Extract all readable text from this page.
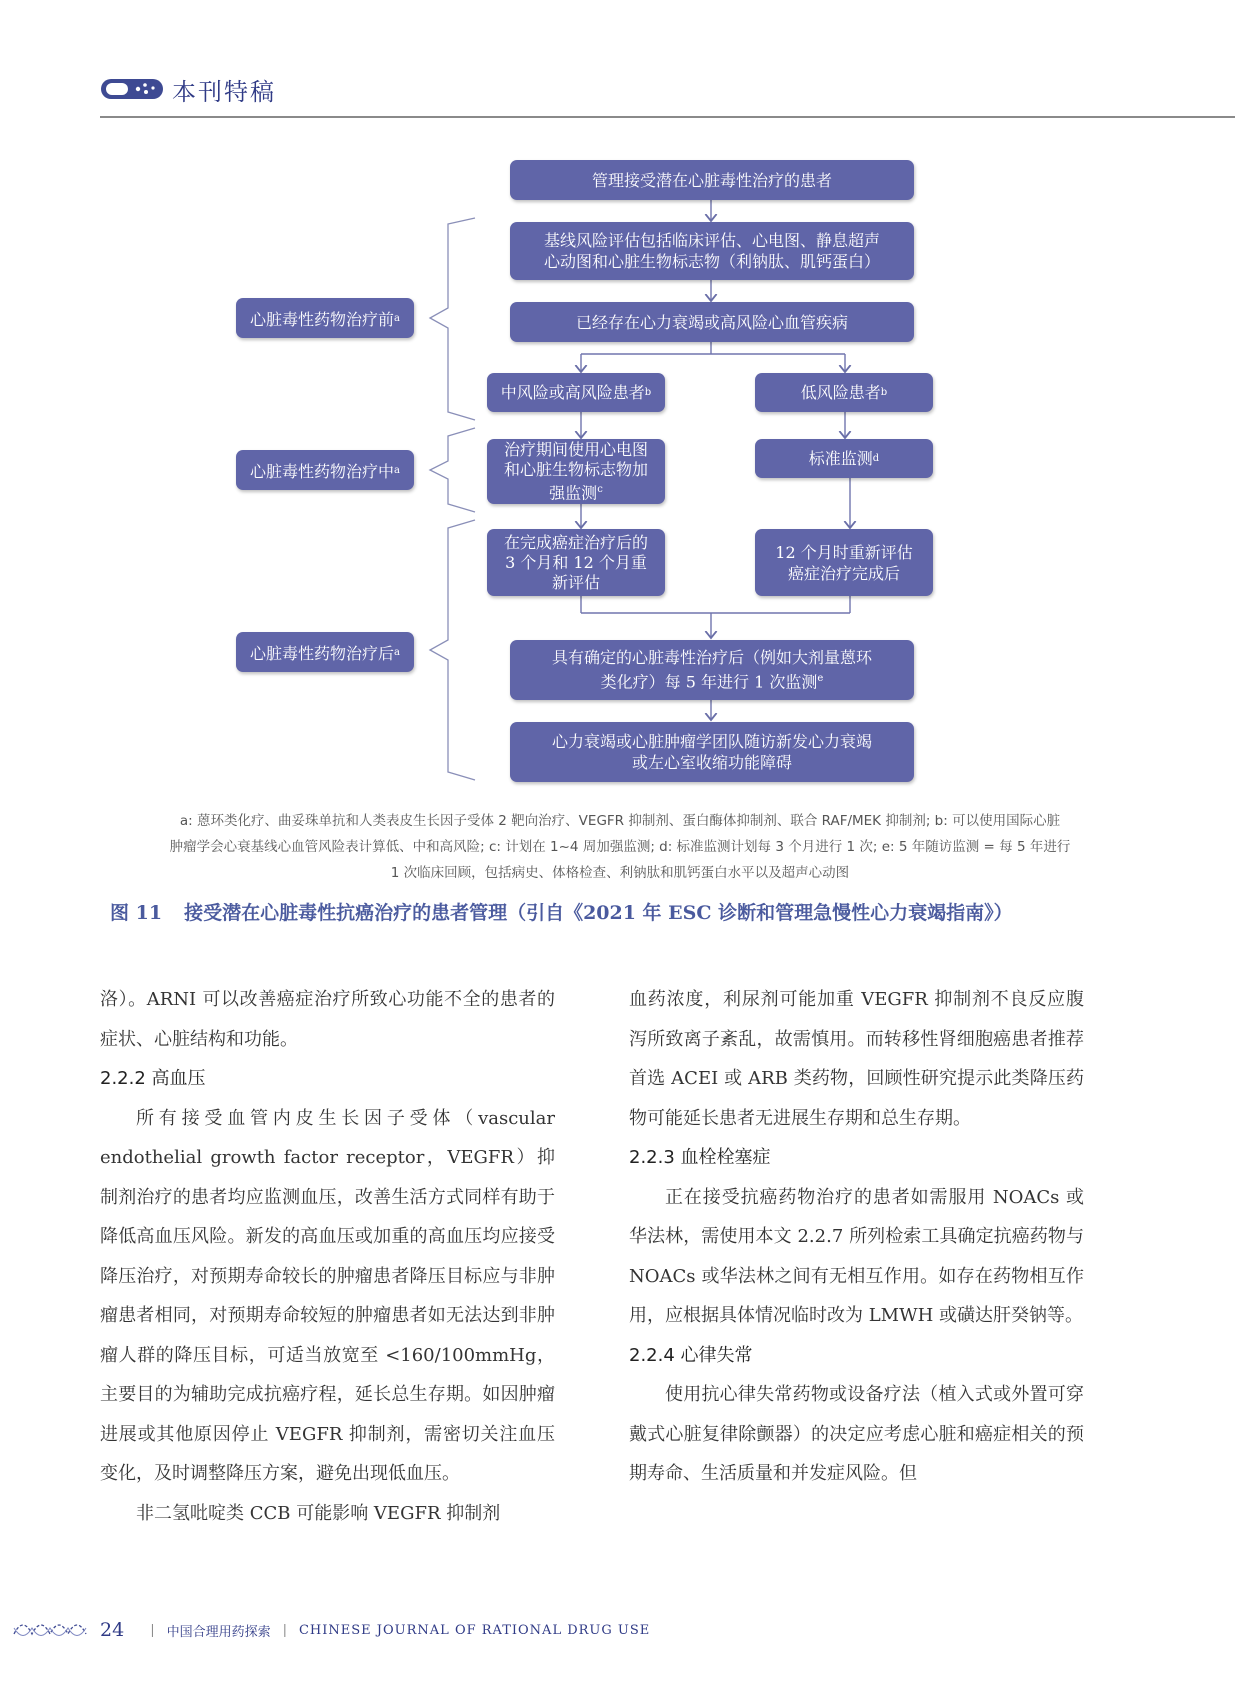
本刊特稿
心脏毒性药物治疗前 a
心脏毒性药物治疗中 a
心脏毒性药物治疗后 a
管理接受潜在心脏毒性治疗的患者
基线风险评估包括临床评估、心电图、静息超声
心动图和心脏生物标志物（利钠肽、肌钙蛋白）
已经存在心力衰竭或高风险心血管疾病
中风险或高风险患者 b	低风险患者 b
治疗期间使用心电图
和心脏生物标志物加
强监测$^c$
标准监测 d
在完成癌症治疗后的
3 个月和 12 个月重
新评估
12 个月时重新评估
癌症治疗完成后
具有确定的心脏毒性治疗后（例如大剂量蒽环
类化疗）每 5 年进行 1 次监测$^e$
心力衰竭或心脏肿瘤学团队随访新发心力衰竭
或左心室收缩功能障碍
a: 蒽环类化疗、曲妥珠单抗和人类表皮生长因子受体 2 靶向治疗、VEGFR 抑制剂、蛋白酶体抑制剂、联合 RAF/MEK 抑制剂; b: 可以使用国际心脏
肿瘤学会心衰基线心血管风险表计算低、中和高风险; c: 计划在 1~4 周加强监测; d: 标准监测计划每 3 个月进行 1 次; e: 5 年随访监测 = 每 5 年进行
1 次临床回顾，包括病史、体格检查、利钠肽和肌钙蛋白水平以及超声心动图
图 11 接受潜在心脏毒性抗癌治疗的患者管理（引自《2021 年 ESC 诊断和管理急慢性心力衰竭指南》）

洛）。ARNI 可以改善癌症治疗所致心功能不全的患者的症状、心脏结构和功能。

2.2.2 高血压

所有接受血管内皮生长因子受体（vascular endothelial growth factor receptor，VEGFR）抑制剂治疗的患者均应监测血压，改善生活方式同样有助于降低高血压风险。新发的高血压或加重的高血压均应接受降压治疗，对预期寿命较长的肿瘤患者降压目标应与非肿瘤患者相同，对预期寿命较短的肿瘤患者如无法达到非肿瘤人群的降压目标，可适当放宽至 <160/100mmHg，主要目的为辅助完成抗癌疗程，延长总生存期。如因肿瘤进展或其他原因停止 VEGFR 抑制剂，需密切关注血压变化，及时调整降压方案，避免出现低血压。

非二氢吡啶类 CCB 可能影响 VEGFR 抑制剂

血药浓度，利尿剂可能加重 VEGFR 抑制剂不良反应腹泻所致离子紊乱，故需慎用。而转移性肾细胞癌患者推荐首选 ACEI 或 ARB 类药物，回顾性研究提示此类降压药物可能延长患者无进展生存期和总生存期。

2.2.3 血栓栓塞症

正在接受抗癌药物治疗的患者如需服用 NOACs 或华法林，需使用本文 2.2.7 所列检索工具确定抗癌药物与 NOACs 或华法林之间有无相互作用。如存在药物相互作用，应根据具体情况临时改为 LMWH 或磺达肝癸钠等。

2.2.4 心律失常

使用抗心律失常药物或设备疗法（植入式或外置可穿戴式心脏复律除颤器）的决定应考虑心脏和癌症相关的预期寿命、生活质量和并发症风险。但

24 | 中国合理用药探索 | CHINESE JOURNAL OF RATIONAL DRUG USE
